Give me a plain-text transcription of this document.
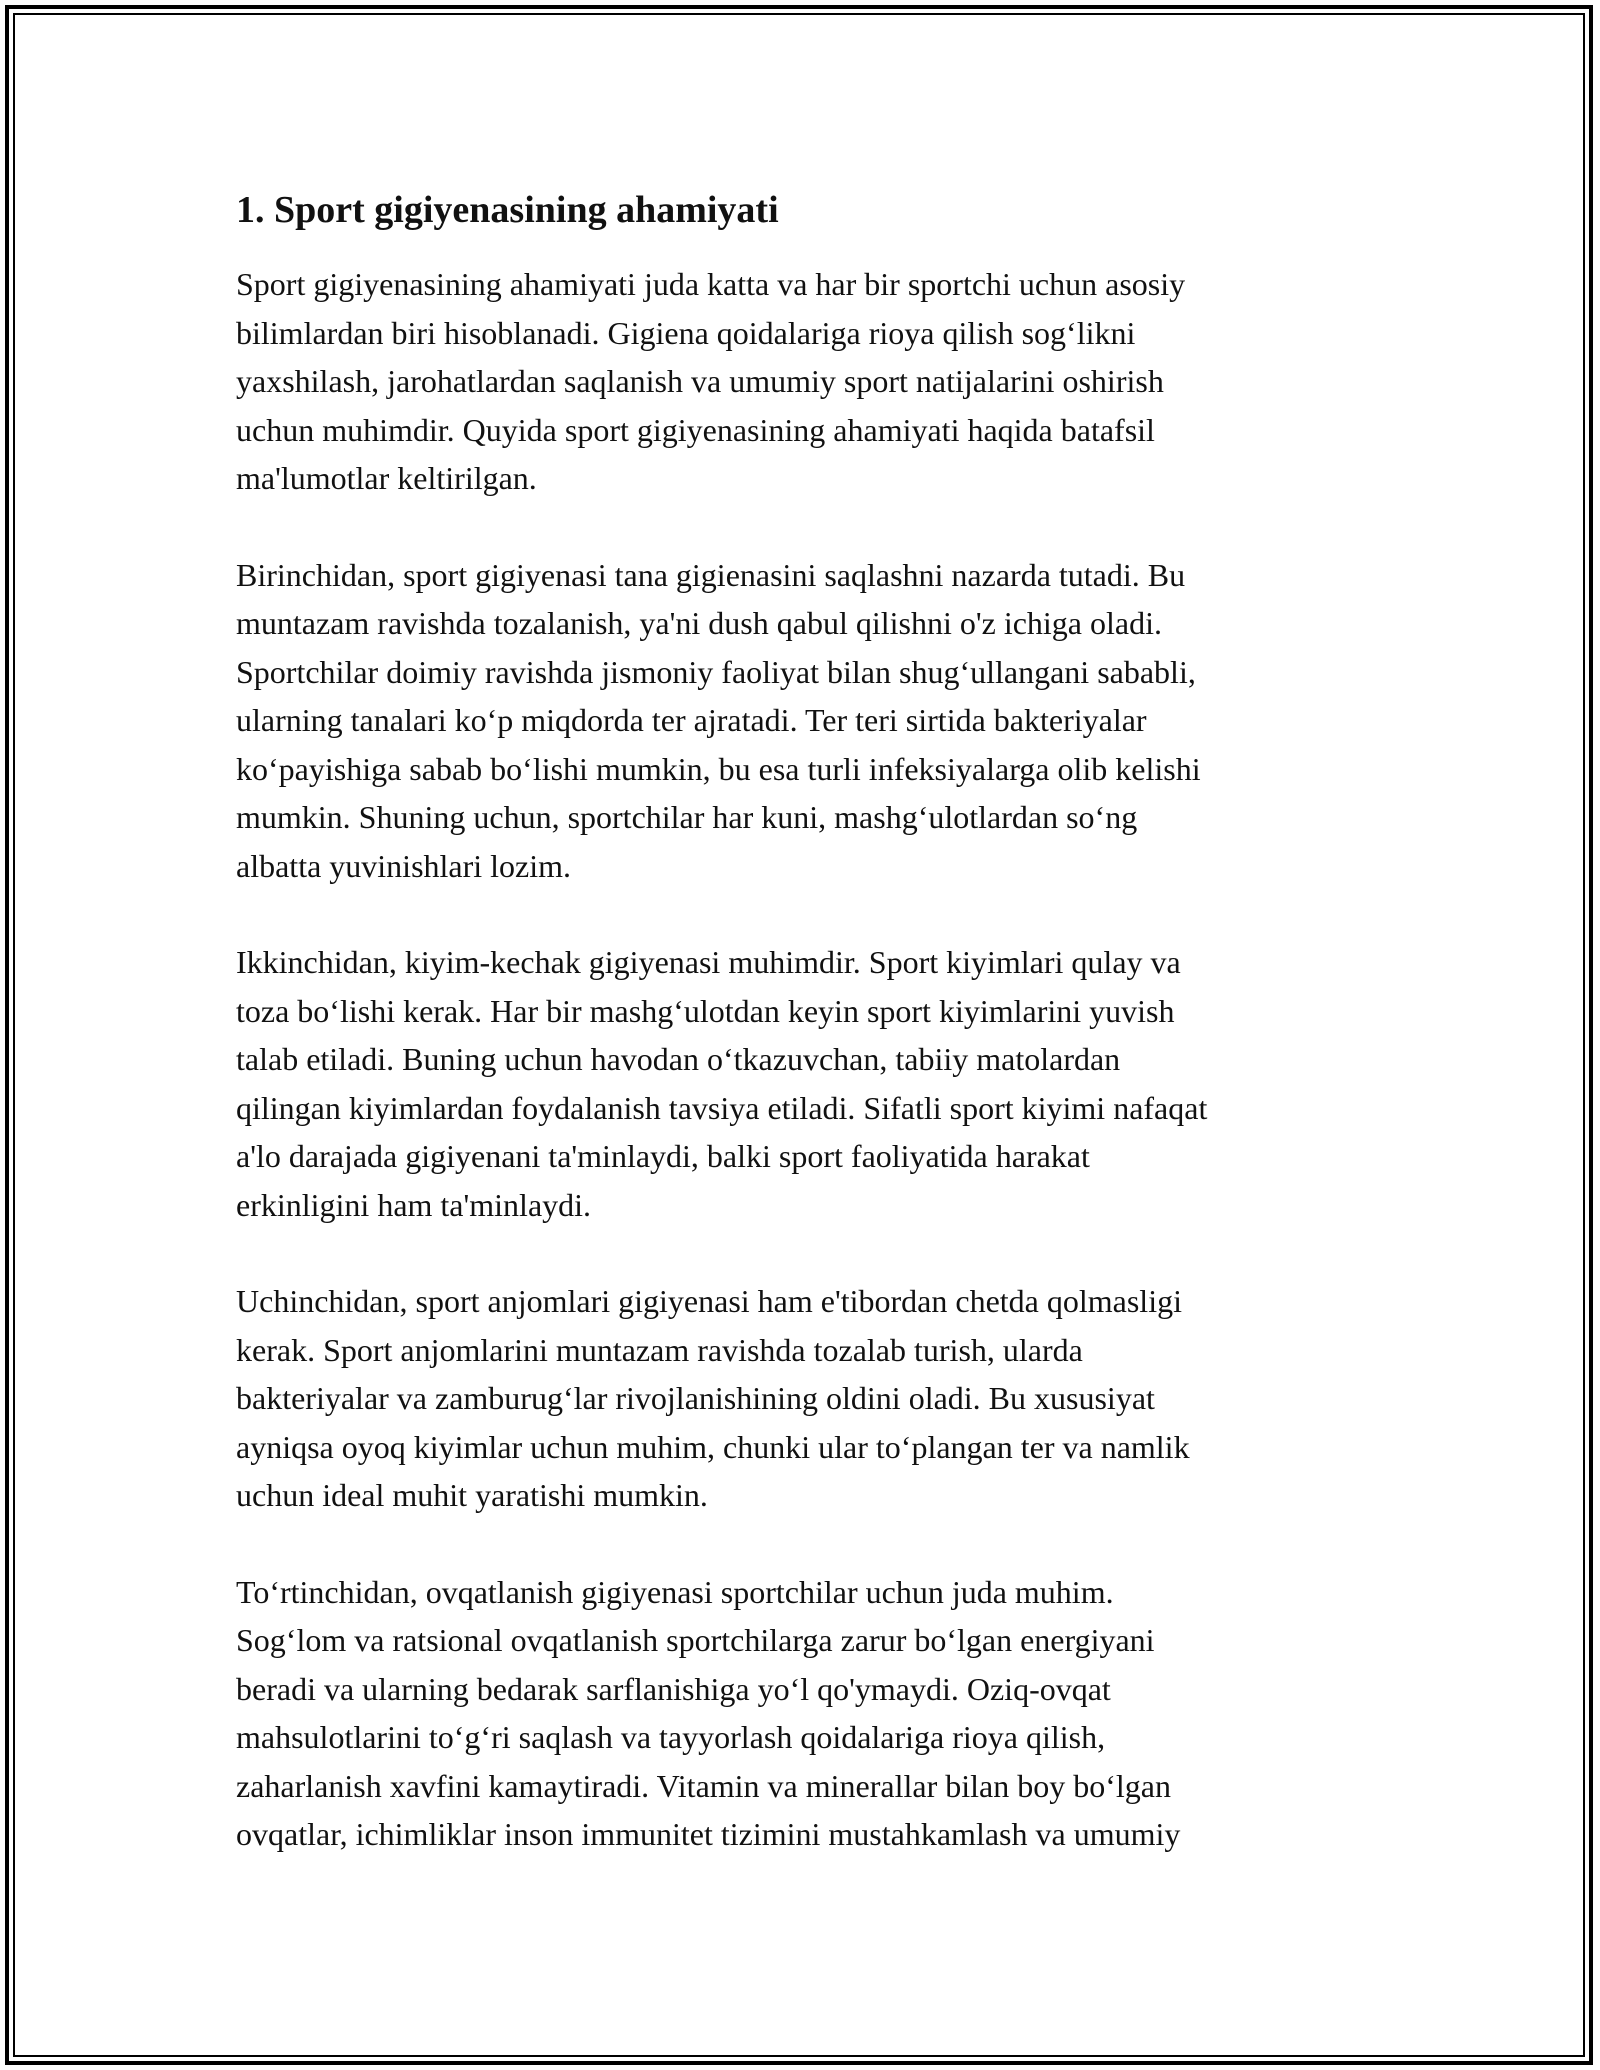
1. Sport gigiyenasining ahamiyati

Sport gigiyenasining ahamiyati juda katta va har bir sportchi uchun asosiy
bilimlardan biri hisoblanadi. Gigiena qoidalariga rioya qilish sog‘likni
yaxshilash, jarohatlardan saqlanish va umumiy sport natijalarini oshirish
uchun muhimdir. Quyida sport gigiyenasining ahamiyati haqida batafsil
ma'lumotlar keltirilgan.

Birinchidan, sport gigiyenasi tana gigienasini saqlashni nazarda tutadi. Bu
muntazam ravishda tozalanish, ya'ni dush qabul qilishni o'z ichiga oladi.
Sportchilar doimiy ravishda jismoniy faoliyat bilan shug‘ullangani sababli,
ularning tanalari ko‘p miqdorda ter ajratadi. Ter teri sirtida bakteriyalar
ko‘payishiga sabab bo‘lishi mumkin, bu esa turli infeksiyalarga olib kelishi
mumkin. Shuning uchun, sportchilar har kuni, mashg‘ulotlardan so‘ng
albatta yuvinishlari lozim.

Ikkinchidan, kiyim-kechak gigiyenasi muhimdir. Sport kiyimlari qulay va
toza bo‘lishi kerak. Har bir mashg‘ulotdan keyin sport kiyimlarini yuvish
talab etiladi. Buning uchun havodan o‘tkazuvchan, tabiiy matolardan
qilingan kiyimlardan foydalanish tavsiya etiladi. Sifatli sport kiyimi nafaqat
a'lo darajada gigiyenani ta'minlaydi, balki sport faoliyatida harakat
erkinligini ham ta'minlaydi.

Uchinchidan, sport anjomlari gigiyenasi ham e'tibordan chetda qolmasligi
kerak. Sport anjomlarini muntazam ravishda tozalab turish, ularda
bakteriyalar va zamburug‘lar rivojlanishining oldini oladi. Bu xususiyat
ayniqsa oyoq kiyimlar uchun muhim, chunki ular to‘plangan ter va namlik
uchun ideal muhit yaratishi mumkin.

To‘rtinchidan, ovqatlanish gigiyenasi sportchilar uchun juda muhim.
Sog‘lom va ratsional ovqatlanish sportchilarga zarur bo‘lgan energiyani
beradi va ularning bedarak sarflanishiga yo‘l qo'ymaydi. Oziq-ovqat
mahsulotlarini to‘g‘ri saqlash va tayyorlash qoidalariga rioya qilish,
zaharlanish xavfini kamaytiradi. Vitamin va minerallar bilan boy bo‘lgan
ovqatlar, ichimliklar inson immunitet tizimini mustahkamlash va umumiy
